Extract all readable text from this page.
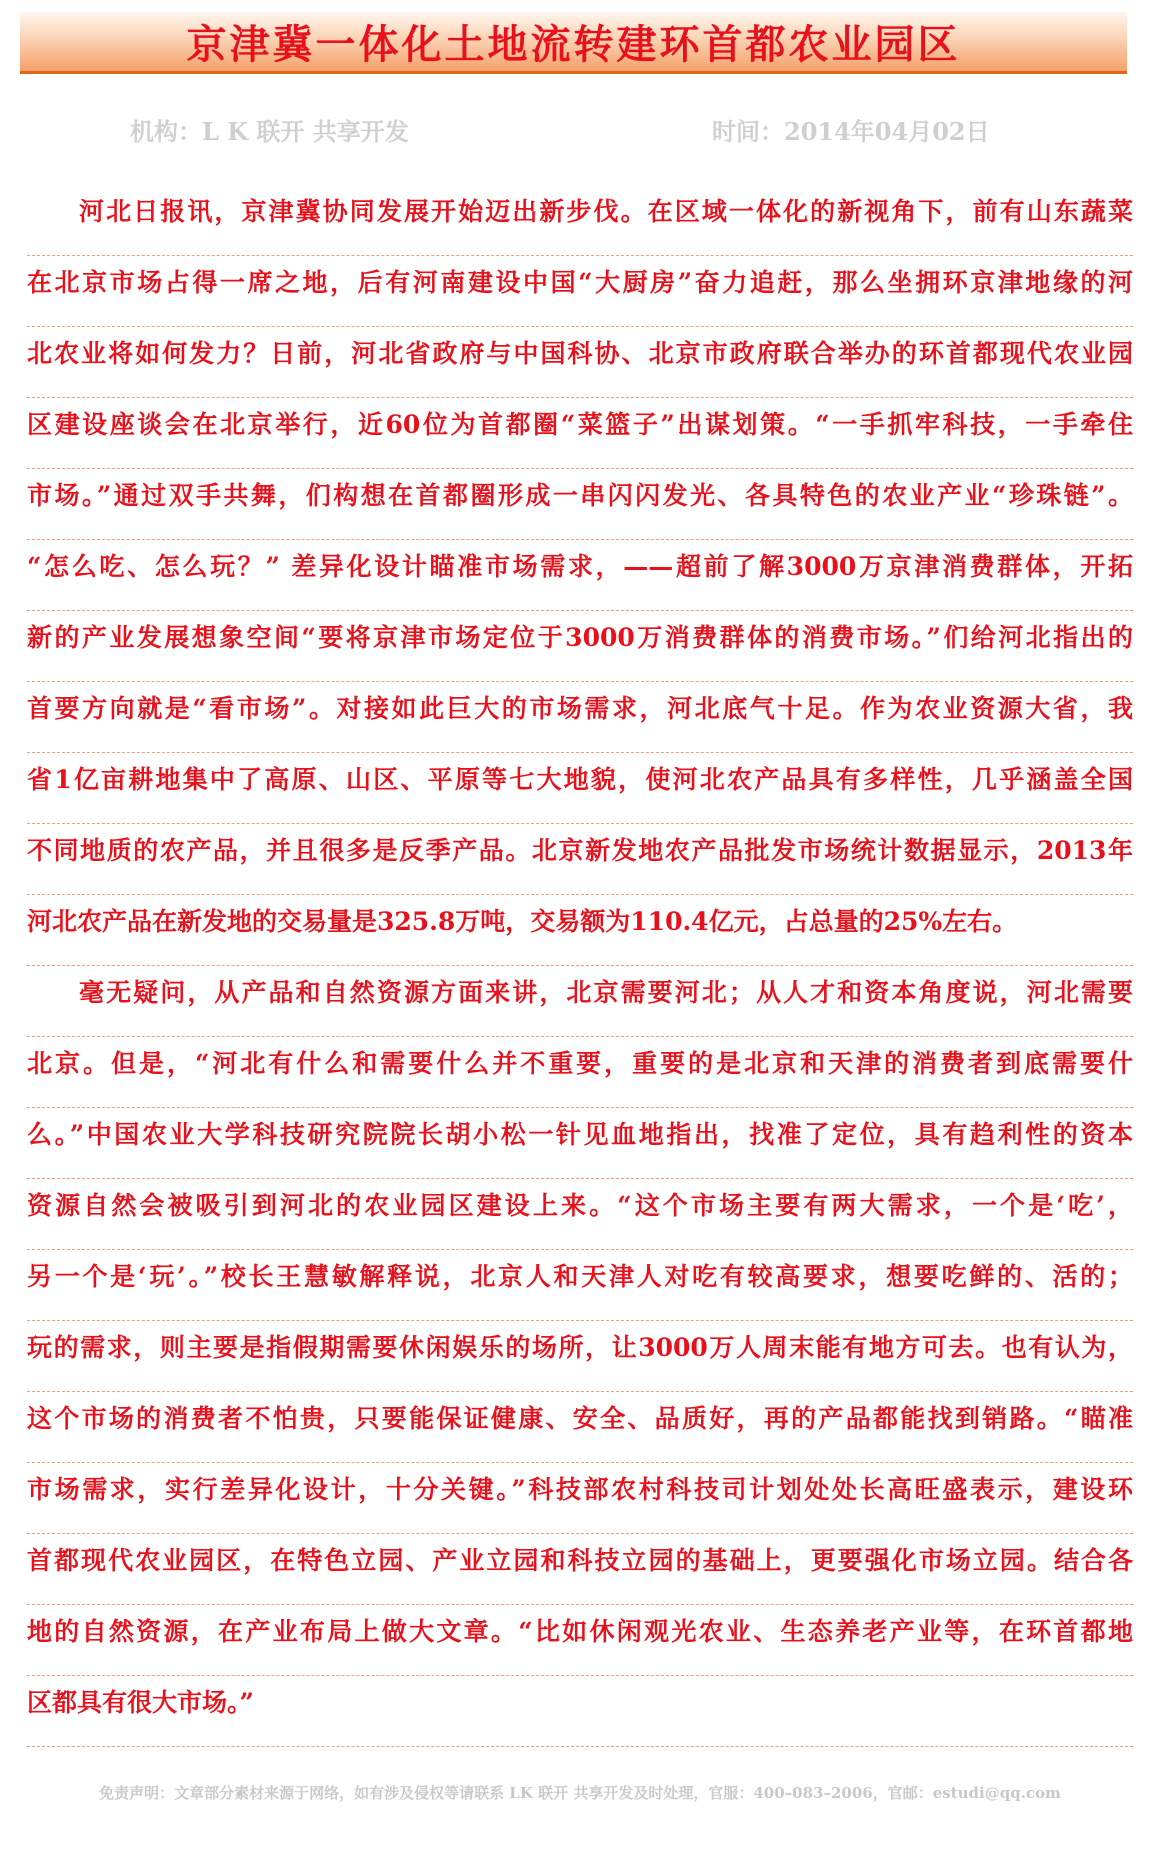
京津冀一体化土地流转建环首都农业园区
机构：L K 联开 共享开发	时间：2014年04月02日
河北日报讯，京津冀协同发展开始迈出新步伐。在区域一体化的新视角下，前有山东蔬菜
在北京市场占得一席之地，后有河南建设中国“大厨房”奋力追赶，那么坐拥环京津地缘的河
北农业将如何发力？日前，河北省政府与中国科协、北京市政府联合举办的环首都现代农业园
区建设座谈会在北京举行，近60位为首都圈“菜篮子”出谋划策。“一手抓牢科技，一手牵住
市场。”通过双手共舞，们构想在首都圈形成一串闪闪发光、各具特色的农业产业“珍珠链”。
“怎么吃、怎么玩？” 差异化设计瞄准市场需求，——超前了解3000万京津消费群体，开拓
新的产业发展想象空间“要将京津市场定位于3000万消费群体的消费市场。”们给河北指出的
首要方向就是“看市场”。对接如此巨大的市场需求，河北底气十足。作为农业资源大省，我
省1亿亩耕地集中了高原、山区、平原等七大地貌，使河北农产品具有多样性，几乎涵盖全国
不同地质的农产品，并且很多是反季产品。北京新发地农产品批发市场统计数据显示，2013年
河北农产品在新发地的交易量是325.8万吨，交易额为110.4亿元，占总量的25%左右。
毫无疑问，从产品和自然资源方面来讲，北京需要河北；从人才和资本角度说，河北需要
北京。但是，“河北有什么和需要什么并不重要，重要的是北京和天津的消费者到底需要什
么。”中国农业大学科技研究院院长胡小松一针见血地指出，找准了定位，具有趋利性的资本
资源自然会被吸引到河北的农业园区建设上来。“这个市场主要有两大需求，一个是‘吃’，
另一个是‘玩’。”校长王慧敏解释说，北京人和天津人对吃有较高要求，想要吃鲜的、活的；
玩的需求，则主要是指假期需要休闲娱乐的场所，让3000万人周末能有地方可去。也有认为，
这个市场的消费者不怕贵，只要能保证健康、安全、品质好，再的产品都能找到销路。“瞄准
市场需求，实行差异化设计，十分关键。”科技部农村科技司计划处处长高旺盛表示，建设环
首都现代农业园区，在特色立园、产业立园和科技立园的基础上，更要强化市场立园。结合各
地的自然资源，在产业布局上做大文章。“比如休闲观光农业、生态养老产业等，在环首都地
区都具有很大市场。”
免责声明：文章部分素材来源于网络，如有涉及侵权等请联系 LK 联开 共享开发及时处理，官服：400–083–2006，官邮：estudi@qq.com
